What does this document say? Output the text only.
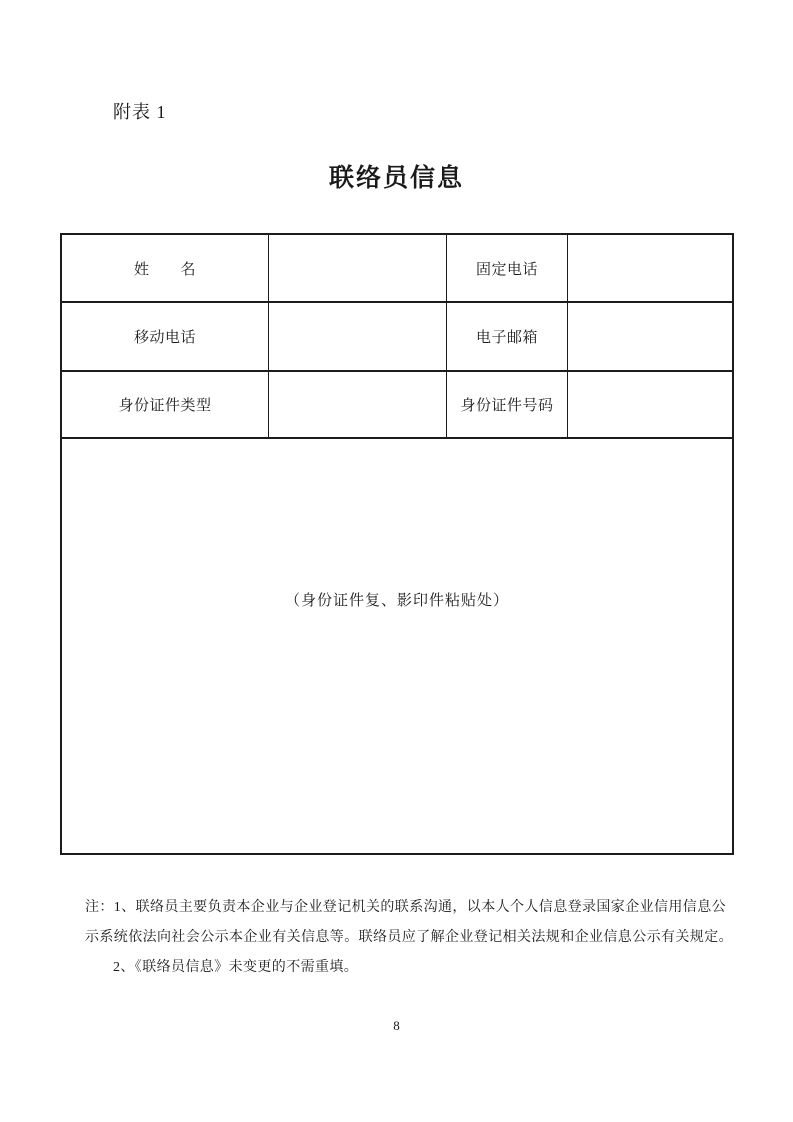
附表 1
联络员信息
姓　　名	固定电话
移动电话	电子邮箱
身份证件类型	身份证件号码
（身份证件复、影印件粘贴处）
注：1、联络员主要负责本企业与企业登记机关的联系沟通，以本人个人信息登录国家企业信用信息公
示系统依法向社会公示本企业有关信息等。联络员应了解企业登记相关法规和企业信息公示有关规定。
2、《联络员信息》未变更的不需重填。
8
